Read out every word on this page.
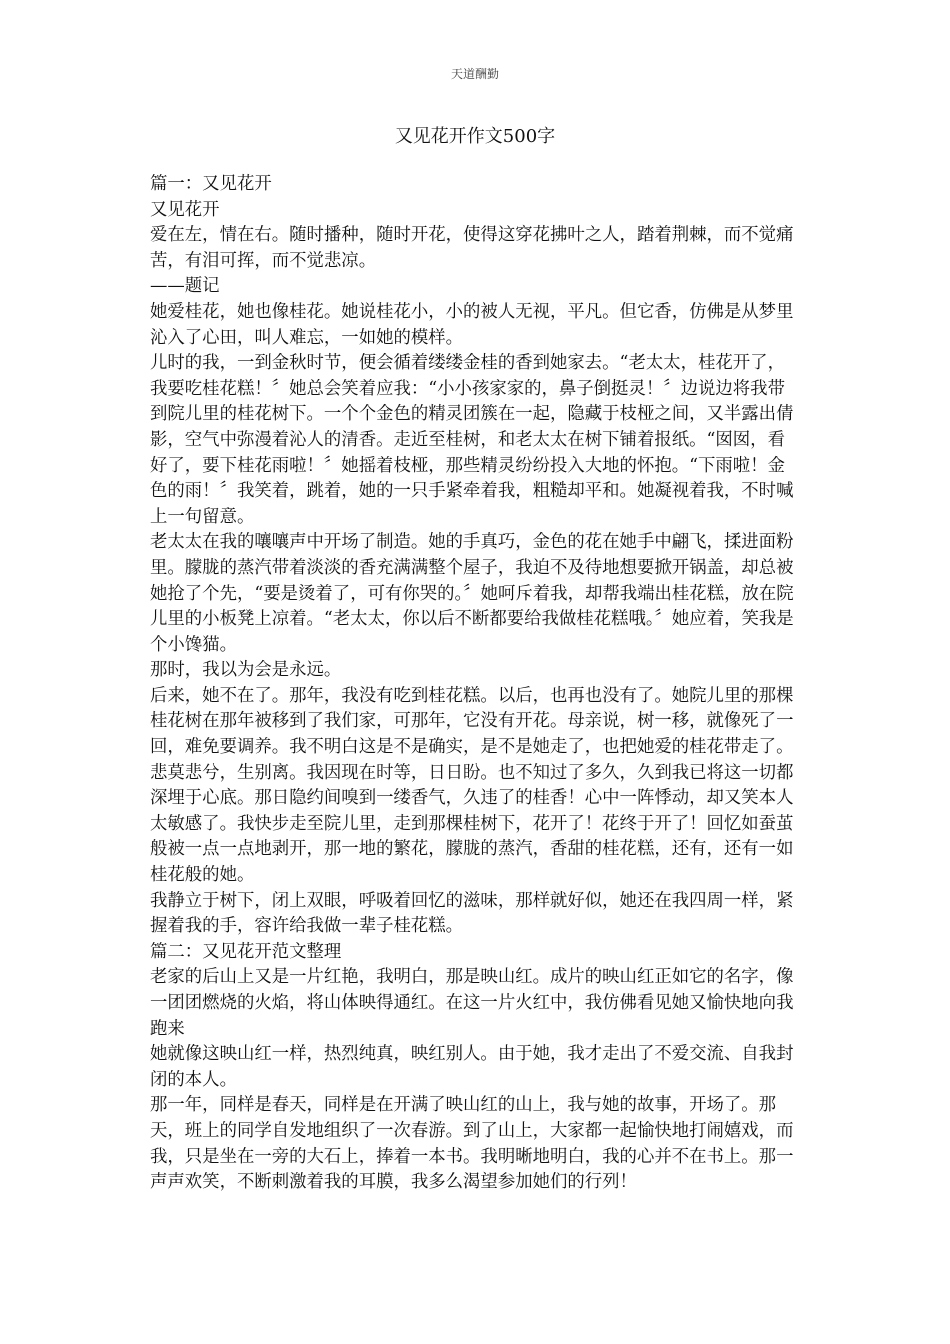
天道酬勤
又见花开作文500字

篇一：又见花开

又见花开

爱在左，情在右。随时播种，随时开花，使得这穿花拂叶之人，踏着荆棘，而不觉痛苦，有泪可挥，而不觉悲凉。

——题记

她爱桂花，她也像桂花。她说桂花小，小的被人无视，平凡。但它香，仿佛是从梦里沁入了心田，叫人难忘，一如她的模样。

儿时的我，一到金秋时节，便会循着缕缕金桂的香到她家去。“老太太，桂花开了，我要吃桂花糕！〞她总会笑着应我：“小小孩家家的，鼻子倒挺灵！〞边说边将我带到院儿里的桂花树下。一个个金色的精灵团簇在一起，隐藏于枝桠之间，又半露出倩影，空气中弥漫着沁人的清香。走近至桂树，和老太太在树下铺着报纸。“囡囡，看好了，要下桂花雨啦！〞她摇着枝桠，那些精灵纷纷投入大地的怀抱。“下雨啦！金色的雨！〞我笑着，跳着，她的一只手紧牵着我，粗糙却平和。她凝视着我，不时喊上一句留意。

老太太在我的嚷嚷声中开场了制造。她的手真巧，金色的花在她手中翩飞，揉进面粉里。朦胧的蒸汽带着淡淡的香充满满整个屋子，我迫不及待地想要掀开锅盖，却总被她抢了个先，“要是烫着了，可有你哭的。〞她呵斥着我，却帮我端出桂花糕，放在院儿里的小板凳上凉着。“老太太，你以后不断都要给我做桂花糕哦。〞她应着，笑我是个小馋猫。

那时，我以为会是永远。

后来，她不在了。那年，我没有吃到桂花糕。以后，也再也没有了。她院儿里的那棵桂花树在那年被移到了我们家，可那年，它没有开花。母亲说，树一移，就像死了一回，难免要调养。我不明白这是不是确实，是不是她走了，也把她爱的桂花带走了。

悲莫悲兮，生别离。我因现在时等，日日盼。也不知过了多久，久到我已将这一切都深埋于心底。那日隐约间嗅到一缕香气，久违了的桂香！心中一阵悸动，却又笑本人太敏感了。我快步走至院儿里，走到那棵桂树下，花开了！花终于开了！回忆如蚕茧般被一点一点地剥开，那一地的繁花，朦胧的蒸汽，香甜的桂花糕，还有，还有一如桂花般的她。

我静立于树下，闭上双眼，呼吸着回忆的滋味，那样就好似，她还在我四周一样，紧握着我的手，容许给我做一辈子桂花糕。

篇二：又见花开范文整理

老家的后山上又是一片红艳，我明白，那是映山红。成片的映山红正如它的名字，像一团团燃烧的火焰，将山体映得通红。在这一片火红中，我仿佛看见她又愉快地向我跑来

她就像这映山红一样，热烈纯真，映红别人。由于她，我才走出了不爱交流、自我封闭的本人。

那一年，同样是春天，同样是在开满了映山红的山上，我与她的故事，开场了。那天，班上的同学自发地组织了一次春游。到了山上，大家都一起愉快地打闹嬉戏，而我，只是坐在一旁的大石上，捧着一本书。我明晰地明白，我的心并不在书上。那一声声欢笑，不断刺激着我的耳膜，我多么渴望参加她们的行列！
